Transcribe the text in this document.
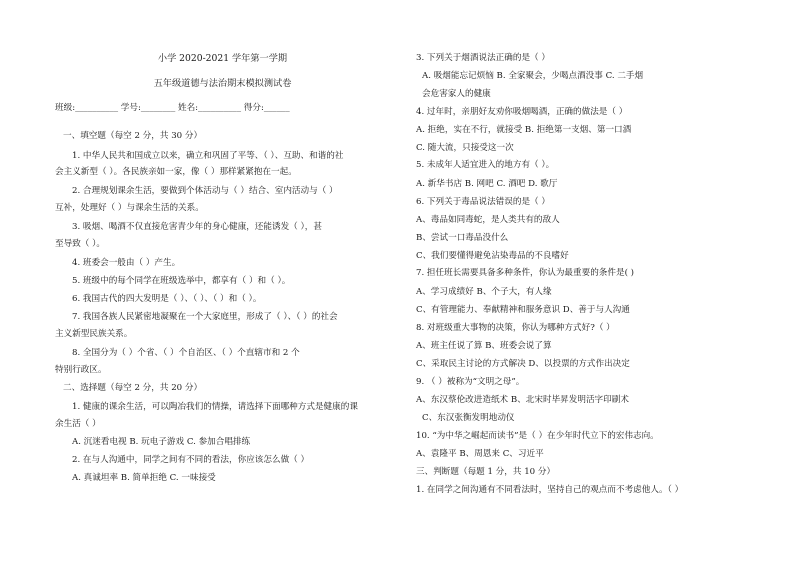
小学 2020-2021 学年第一学期
五年级道德与法治期末模拟测试卷
班级:__________ 学号:________ 姓名:__________ 得分:______
一、填空题（每空 2 分，共 30 分）
1. 中华人民共和国成立以来，确立和巩固了平等、（ ）、互助、和谐的社
会主义新型（ ）。各民族亲如一家，像（ ）那样紧紧抱在一起。
2. 合理规划课余生活，要做到个体活动与（ ）结合、室内活动与（ ）
互补，处理好（ ）与课余生活的关系。
3. 吸烟、喝酒不仅直接危害青少年的身心健康，还能诱发（ ），甚
至导致（ ）。
4. 班委会一般由（ ）产生。
5. 班级中的每个同学在班级选举中，都享有（ ）和（ ）。
6. 我国古代的四大发明是（ ）、（ ）、（ ）和（ ）。
7. 我国各族人民紧密地凝聚在一个大家庭里，形成了（ ）、（ ）的社会
主义新型民族关系。
8. 全国分为（ ）个省、（ ）个自治区、（ ）个直辖市和 2 个
特别行政区。
二、选择题（每空 2 分，共 20 分）
1. 健康的课余生活，可以陶冶我们的情操，请选择下面哪种方式是健康的课
余生活（ ）
A. 沉迷看电视 B. 玩电子游戏 C. 参加合唱排练
2. 在与人沟通中，同学之间有不同的看法，你应该怎么做（ ）
A. 真诚坦率 B. 简单拒绝 C. 一味接受
3. 下列关于烟酒说法正确的是（ ）
A. 吸烟能忘记烦恼 B. 全家聚会，少喝点酒没事 C. 二手烟
会危害家人的健康
4. 过年时，亲朋好友劝你吸烟喝酒，正确的做法是（ ）
A. 拒绝，实在不行，就接受 B. 拒绝第一支烟、第一口酒
C. 随大流，只接受这一次
5. 未成年人适宜进入的地方有（ ）。
A. 新华书店 B. 网吧 C. 酒吧 D. 歌厅
6. 下列关于毒品说法错误的是（ ）
A、毒品如同毒蛇，是人类共有的敌人
B、尝试一口毒品没什么
C、我们要懂得避免沾染毒品的不良嗜好
7. 担任班长需要具备多种条件，你认为最重要的条件是( )
A、学习成绩好 B、个子大，有人缘
C、有管理能力、奉献精神和服务意识 D、善于与人沟通
8. 对班级重大事物的决策，你认为哪种方式好?（ ）
A、班主任说了算 B、班委会说了算
C、采取民主讨论的方式解决 D、以投票的方式作出决定
9. （ ）被称为“文明之母”。
A、东汉蔡伦改进造纸术 B、北宋时毕昇发明活字印刷术
C、东汉张衡发明地动仪
10. “为中华之崛起而读书”是（ ）在少年时代立下的宏伟志向。
A、袁隆平 B、周恩来 C、习近平
三、判断题（每题 1 分，共 10 分）
1. 在同学之间沟通有不同看法时，坚持自己的观点而不考虑他人。（ ）
